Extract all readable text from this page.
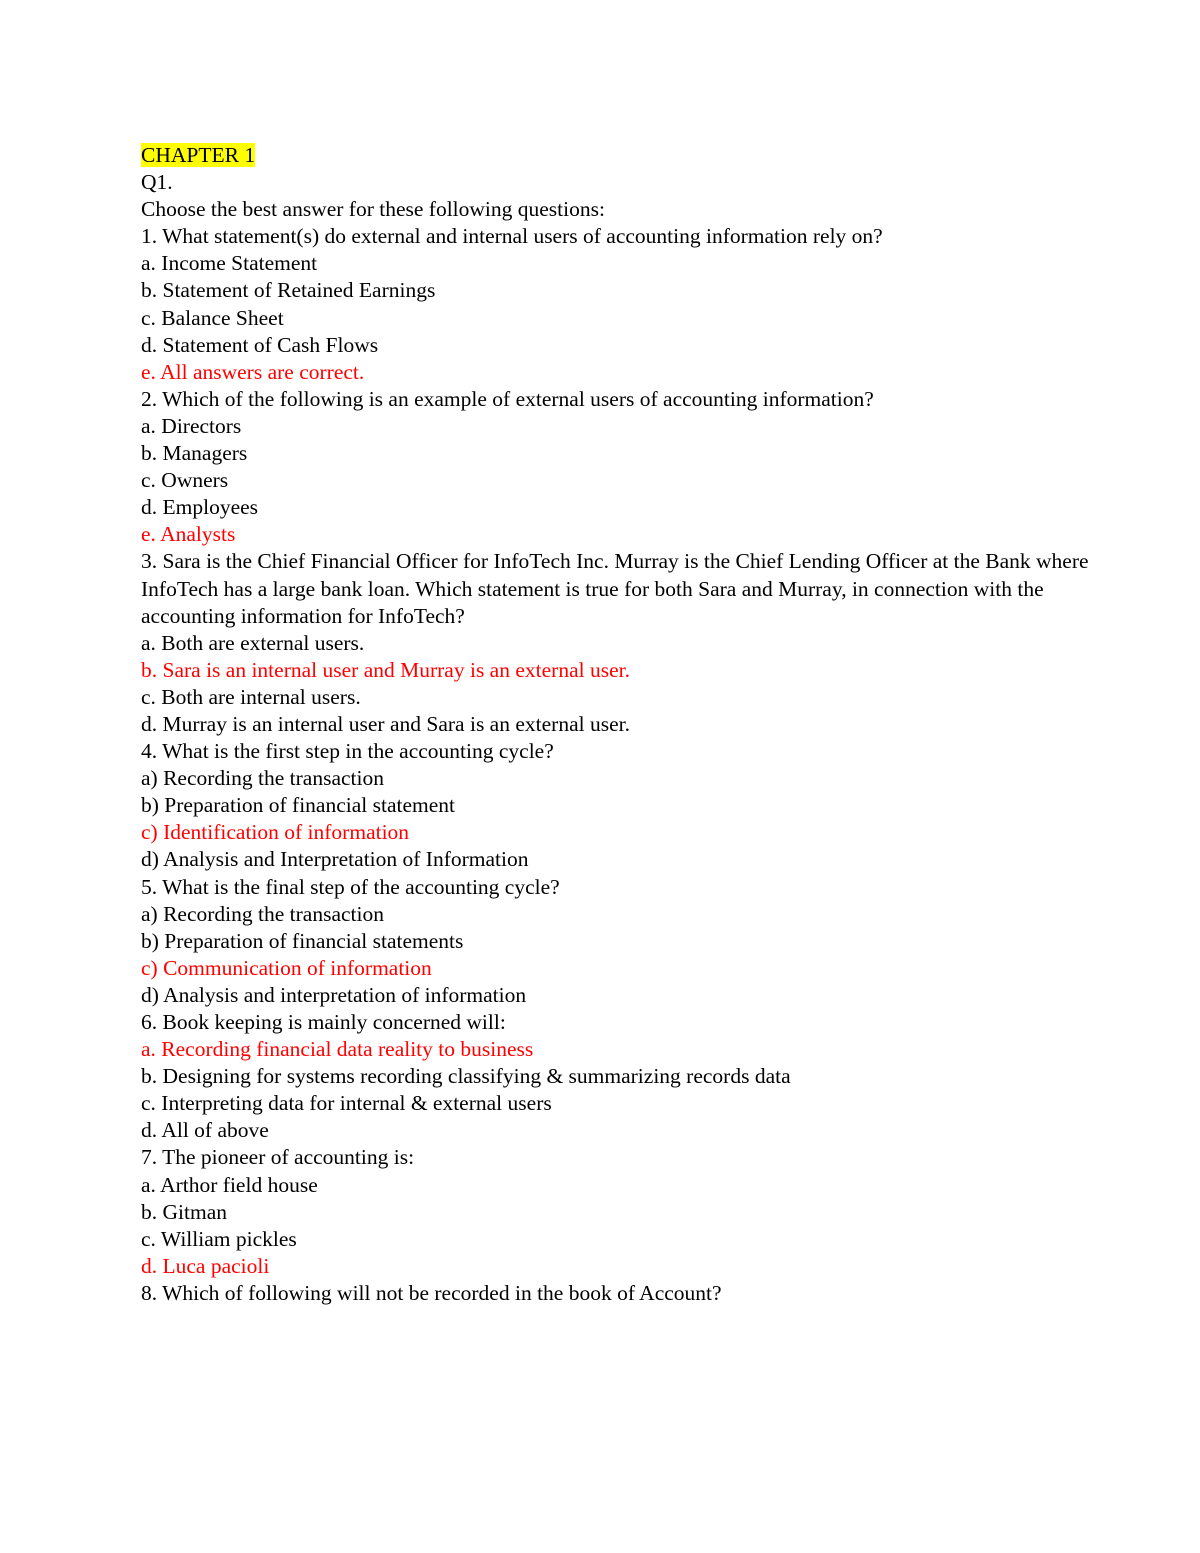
CHAPTER 1

Q1.

Choose the best answer for these following questions:

1. What statement(s) do external and internal users of accounting information rely on?

a. Income Statement

b. Statement of Retained Earnings

c. Balance Sheet

d. Statement of Cash Flows

e. All answers are correct.

2. Which of the following is an example of external users of accounting information?

a. Directors

b. Managers

c. Owners

d. Employees

e. Analysts

3. Sara is the Chief Financial Officer for InfoTech Inc. Murray is the Chief Lending Officer at the Bank where InfoTech has a large bank loan. Which statement is true for both Sara and Murray, in connection with the accounting information for InfoTech?

a. Both are external users.

b. Sara is an internal user and Murray is an external user.

c. Both are internal users.

d. Murray is an internal user and Sara is an external user.

4. What is the first step in the accounting cycle?

a) Recording the transaction

b) Preparation of financial statement

c) Identification of information

d) Analysis and Interpretation of Information

5. What is the final step of the accounting cycle?

a) Recording the transaction

b) Preparation of financial statements

c) Communication of information

d) Analysis and interpretation of information

6. Book keeping is mainly concerned will:

a. Recording financial data reality to business

b. Designing for systems recording classifying & summarizing records data

c. Interpreting data for internal & external users

d. All of above

7. The pioneer of accounting is:

a. Arthor field house

b. Gitman

c. William pickles

d. Luca pacioli

8. Which of following will not be recorded in the book of Account?
